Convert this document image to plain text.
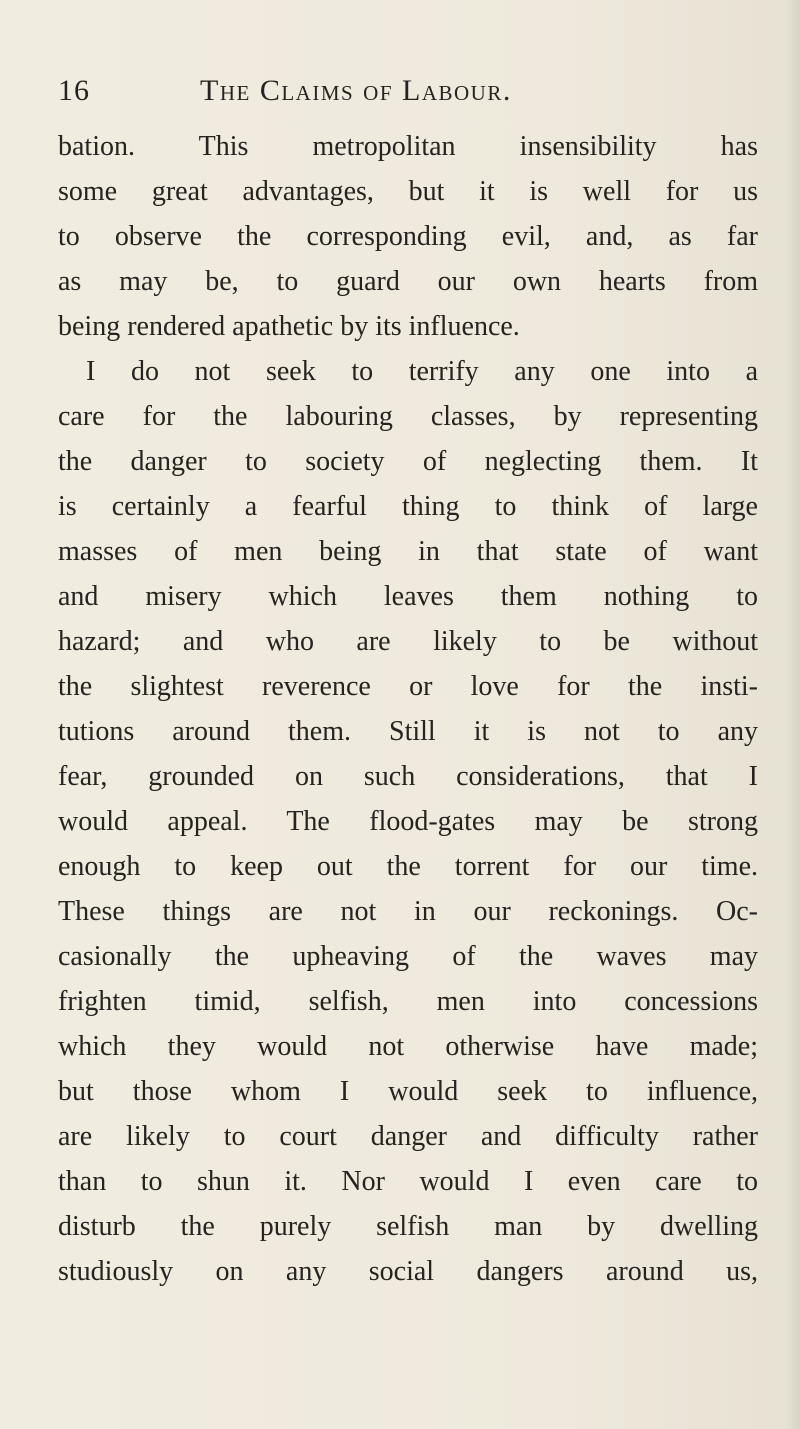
16	The Claims of Labour.
bation. This metropolitan insensibility has
some great advantages, but it is well for us
to observe the corresponding evil, and, as far
as may be, to guard our own hearts from
being rendered apathetic by its influence.
I do not seek to terrify any one into a
care for the labouring classes, by representing
the danger to society of neglecting them. It
is certainly a fearful thing to think of large
masses of men being in that state of want
and misery which leaves them nothing to
hazard; and who are likely to be without
the slightest reverence or love for the insti-
tutions around them. Still it is not to any
fear, grounded on such considerations, that I
would appeal. The flood-gates may be strong
enough to keep out the torrent for our time.
These things are not in our reckonings. Oc-
casionally the upheaving of the waves may
frighten timid, selfish, men into concessions
which they would not otherwise have made;
but those whom I would seek to influence,
are likely to court danger and difficulty rather
than to shun it. Nor would I even care to
disturb the purely selfish man by dwelling
studiously on any social dangers around us,
